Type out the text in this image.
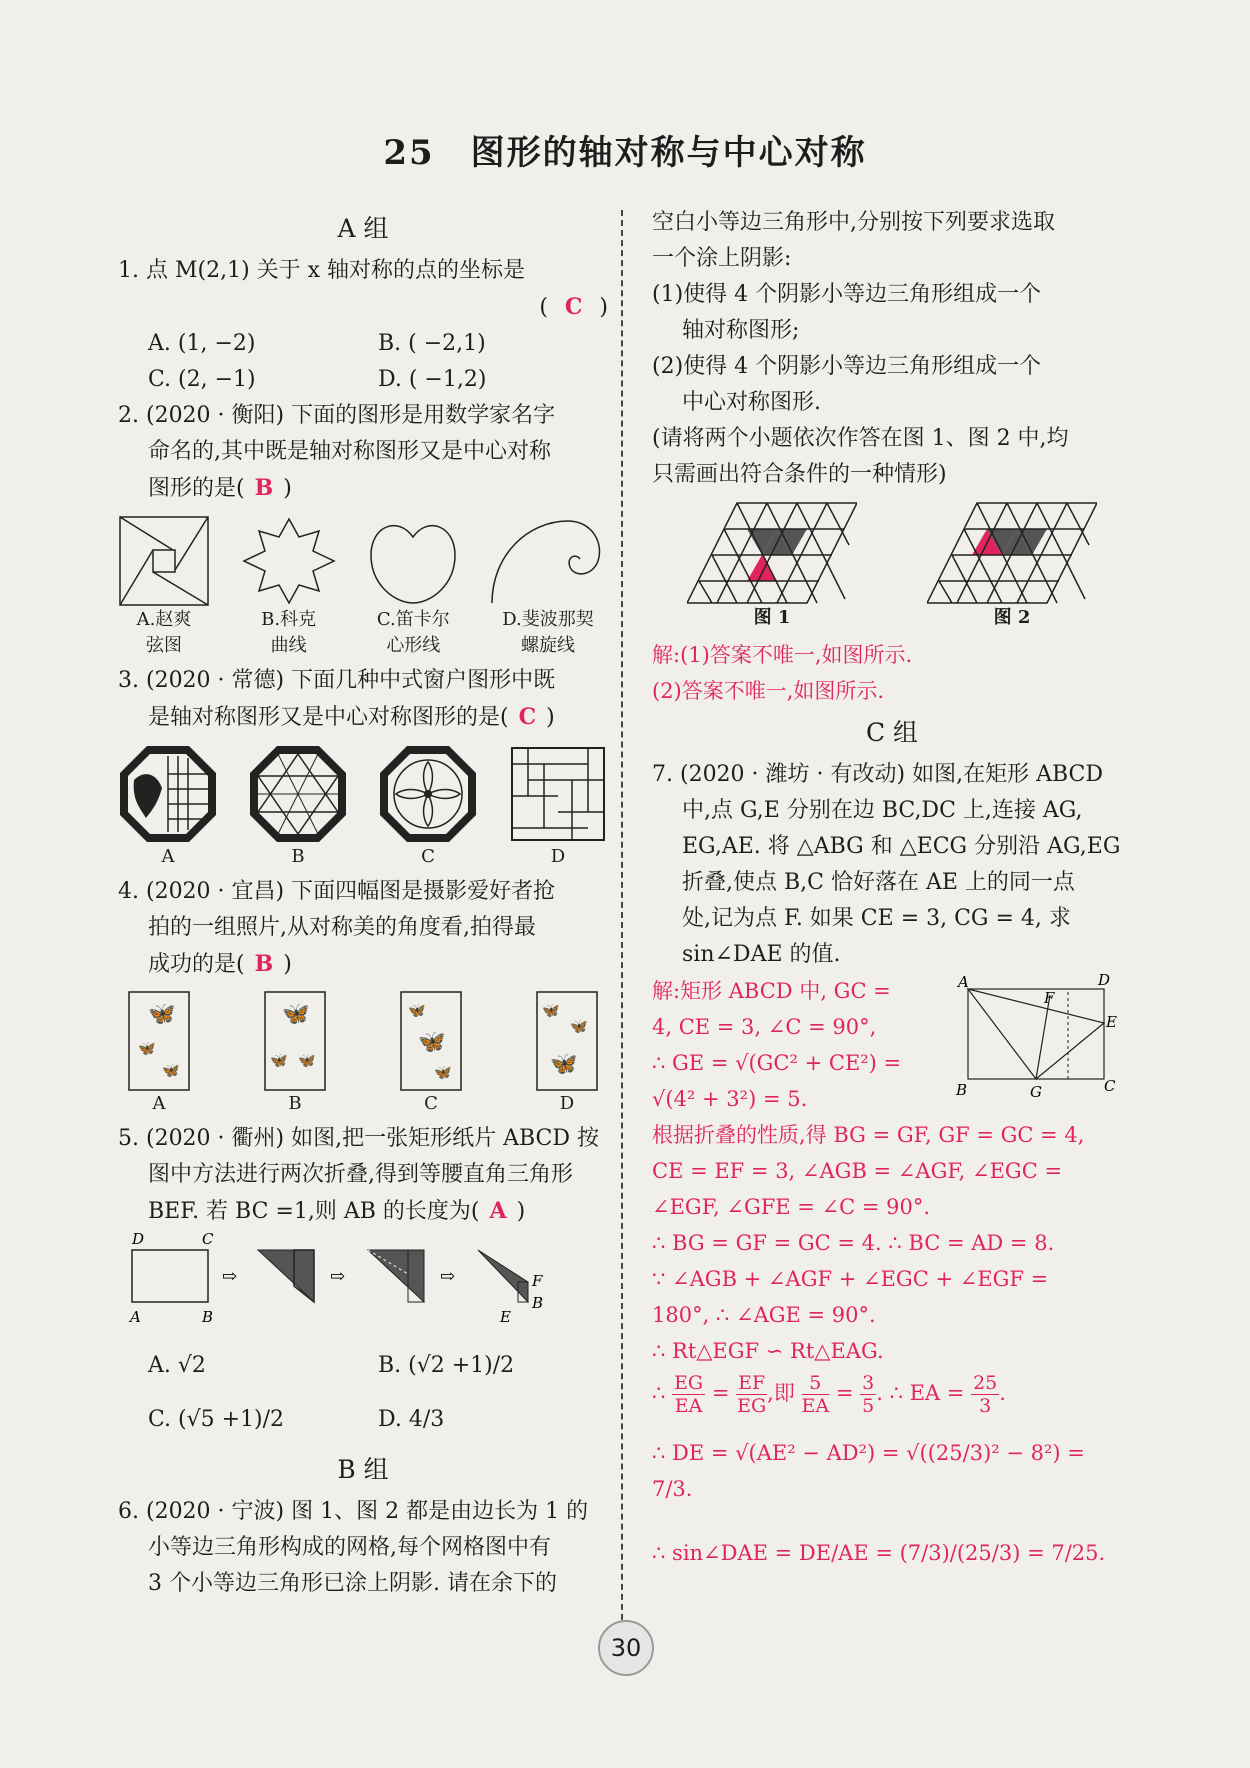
25　图形的轴对称与中心对称
A 组
1. 点 M(2,1) 关于 x 轴对称的点的坐标是
( C )
A. (1, −2)	B. ( −2,1)
C. (2, −1)	D. ( −1,2)
2. (2020 · 衡阳) 下面的图形是用数学家名字
命名的,其中既是轴对称图形又是中心对称
图形的是( B )
A.赵爽
弦图
B.科克
曲线
C.笛卡尔
心形线
D.斐波那契
螺旋线
3. (2020 · 常德) 下面几种中式窗户图形中既
是轴对称图形又是中心对称图形的是( C )
A	B	C	D
4. (2020 · 宜昌) 下面四幅图是摄影爱好者抢
拍的一组照片,从对称美的角度看,拍得最
成功的是( B )
🦋
🦋
🦋
A
🦋
🦋 🦋
B
🦋
🦋
🦋
C
🦋
🦋
🦋
D
5. (2020 · 衢州) 如图,把一张矩形纸片 ABCD 按
图中方法进行两次折叠,得到等腰直角三角形
BEF. 若 BC =1,则 AB 的长度为( A )
D	C
A	B
⇨	⇨	⇨	F
E
B
A. √2	B. (√2 +1)/2
C. (√5 +1)/2	D. 4/3
B 组
6. (2020 · 宁波) 图 1、图 2 都是由边长为 1 的
小等边三角形构成的网格,每个网格图中有
3 个小等边三角形已涂上阴影. 请在余下的
空白小等边三角形中,分别按下列要求选取
一个涂上阴影:
(1)使得 4 个阴影小等边三角形组成一个
轴对称图形;
(2)使得 4 个阴影小等边三角形组成一个
中心对称图形.
(请将两个小题依次作答在图 1、图 2 中,均
只需画出符合条件的一种情形)
图 1	图 2
解:(1)答案不唯一,如图所示.
(2)答案不唯一,如图所示.
C 组
7. (2020 · 潍坊 · 有改动) 如图,在矩形 ABCD
中,点 G,E 分别在边 BC,DC 上,连接 AG,
EG,AE. 将 △ABG 和 △ECG 分别沿 AG,EG
折叠,使点 B,C 恰好落在 AE 上的同一点
处,记为点 F. 如果 CE = 3, CG = 4, 求
sin∠DAE 的值.
解:矩形 ABCD 中, GC =
4, CE = 3, ∠C = 90°,
∴ GE = √(GC² + CE²) =
√(4² + 3²) = 5.
A	D
F
E
B	G	C
根据折叠的性质,得 BG = GF, GF = GC = 4,
CE = EF = 3, ∠AGB = ∠AGF, ∠EGC =
∠EGF, ∠GFE = ∠C = 90°.
∴ BG = GF = GC = 4. ∴ BC = AD = 8.
∵ ∠AGB + ∠AGF + ∠EGC + ∠EGF =
180°, ∴ ∠AGE = 90°.
∴ Rt△EGF ∽ Rt△EAG.
∴ $\frac{EG}{EA} = \frac{EF}{EG}$ ,即 $\frac{5}{EA} = \frac{3}{5}$ . ∴ EA = $\frac{25}{3}$ .
∴ DE = √(AE² − AD²) = √((25/3)² − 8²) = 7/3.
∴ sin∠DAE = DE/AE = (7/3)/(25/3) = 7/25.
30
